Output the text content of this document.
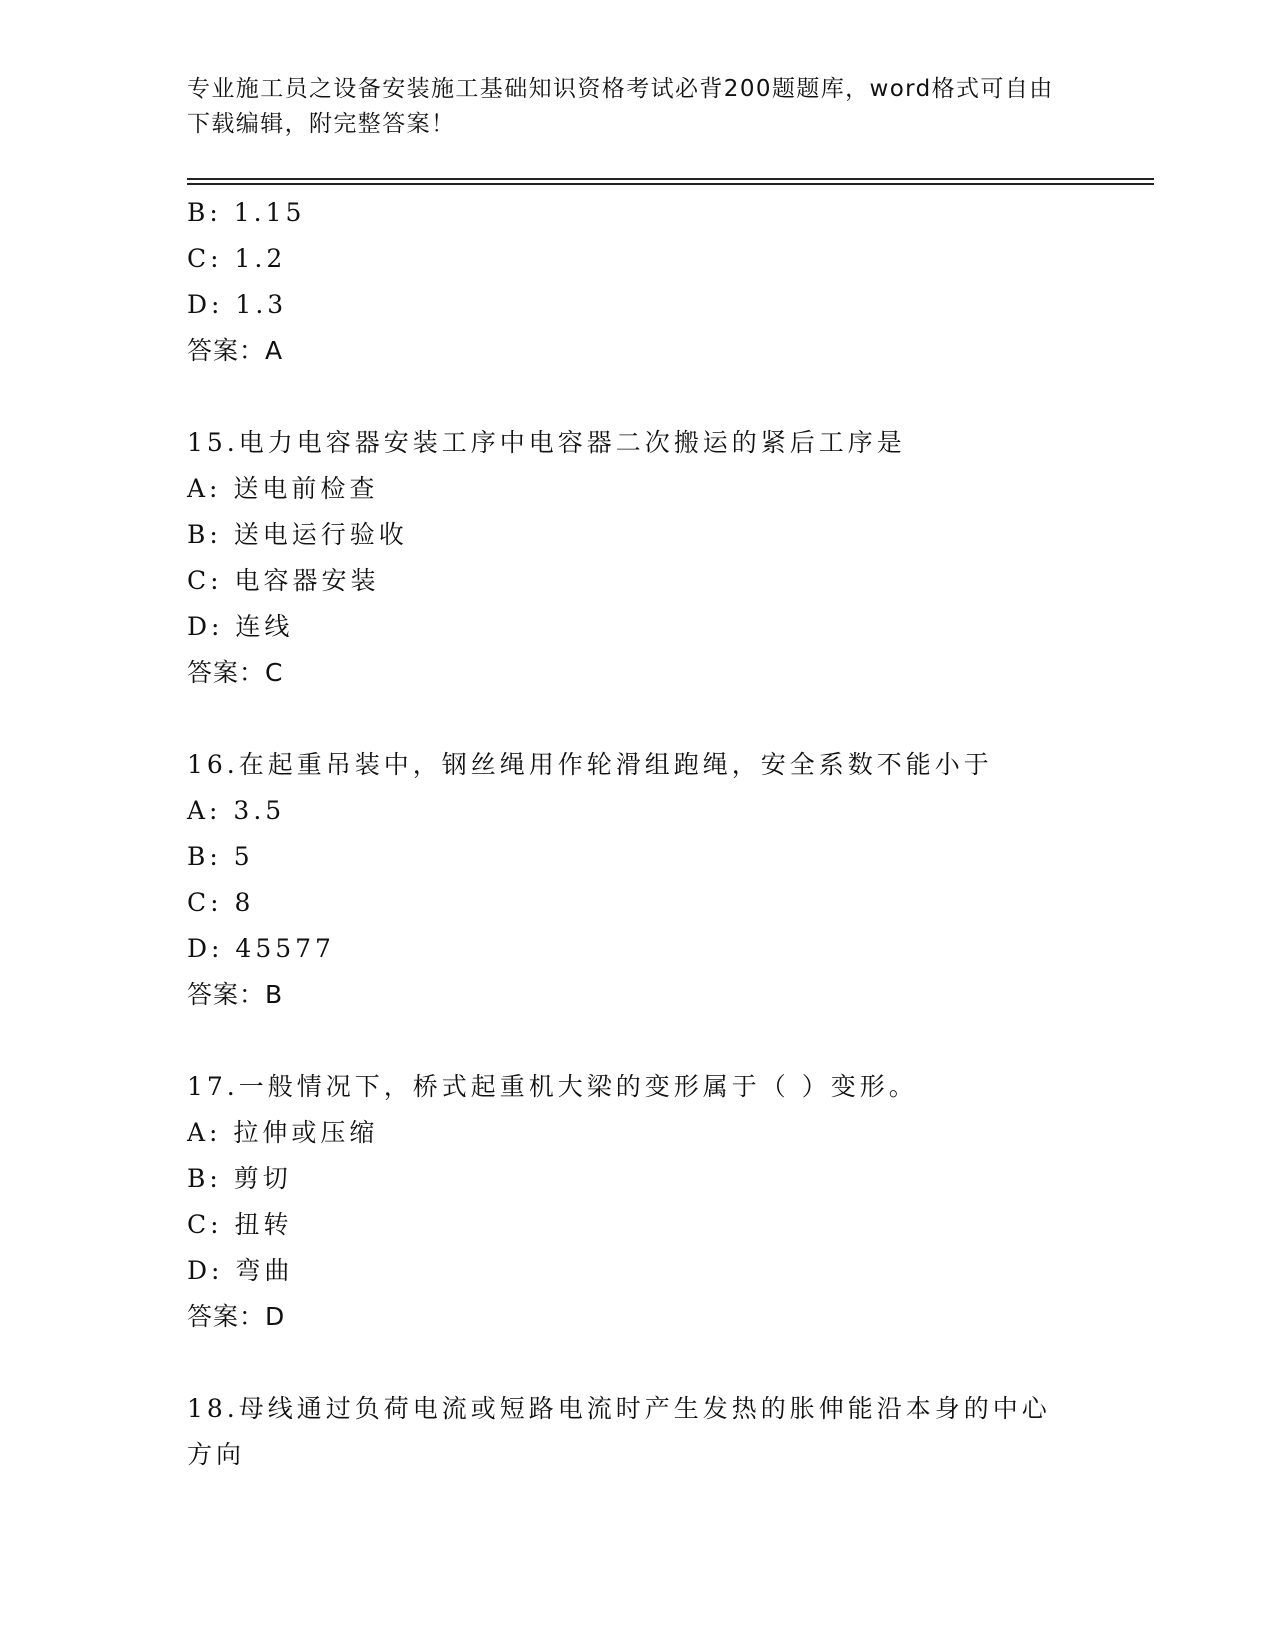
专业施工员之设备安装施工基础知识资格考试必背200题题库，word格式可自由
下载编辑，附完整答案！
B: 1.15
C: 1.2
D: 1.3
答案：A
15.电力电容器安装工序中电容器二次搬运的紧后工序是
A: 送电前检查
B: 送电运行验收
C: 电容器安装
D: 连线
答案：C
16.在起重吊装中，钢丝绳用作轮滑组跑绳，安全系数不能小于
A: 3.5
B: 5
C: 8
D: 45577
答案：B
17.一般情况下，桥式起重机大梁的变形属于（ ）变形。
A: 拉伸或压缩
B: 剪切
C: 扭转
D: 弯曲
答案：D
18.母线通过负荷电流或短路电流时产生发热的胀伸能沿本身的中心方向
